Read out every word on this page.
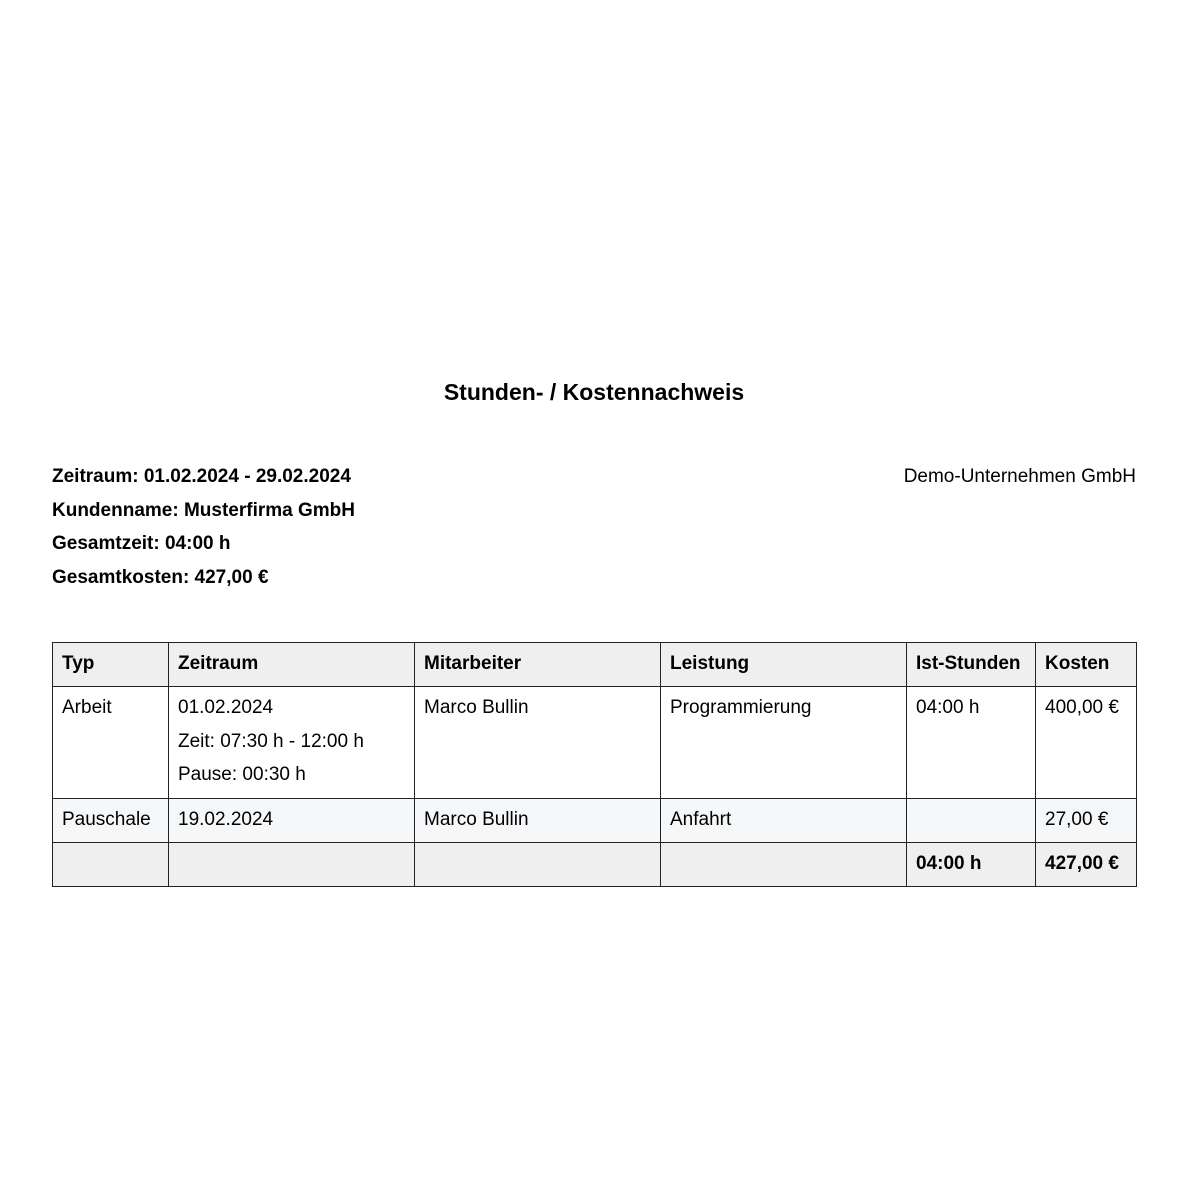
Stunden- / Kostennachweis
Zeitraum: 01.02.2024 - 29.02.2024
Kundenname: Musterfirma GmbH
Gesamtzeit: 04:00 h
Gesamtkosten: 427,00 €
Demo-Unternehmen GmbH
Typ	Zeitraum	Mitarbeiter	Leistung	Ist-Stunden	Kosten
Arbeit	01.02.2024
Zeit: 07:30 h - 12:00 h
Pause: 00:30 h	Marco Bullin	Programmierung	04:00 h	400,00 €
Pauschale	19.02.2024	Marco Bullin	Anfahrt		27,00 €
				04:00 h	427,00 €
